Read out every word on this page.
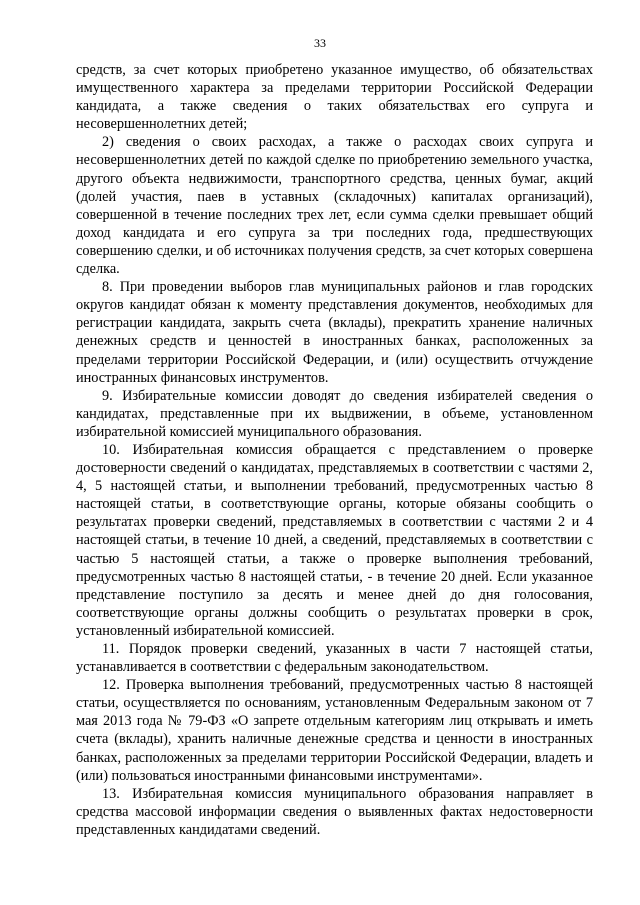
33

средств, за счет которых приобретено указанное имущество, об обязательствах имущественного характера за пределами территории Российской Федерации кандидата, а также сведения о таких обязательствах его супруга и несовершеннолетних детей;

2) сведения о своих расходах, а также о расходах своих супруга и несовершеннолетних детей по каждой сделке по приобретению земельного участка, другого объекта недвижимости, транспортного средства, ценных бумаг, акций (долей участия, паев в уставных (складочных) капиталах организаций), совершенной в течение последних трех лет, если сумма сделки превышает общий доход кандидата и его супруга за три последних года, предшествующих совершению сделки, и об источниках получения средств, за счет которых совершена сделка.

8. При проведении выборов глав муниципальных районов и глав городских округов кандидат обязан к моменту представления документов, необходимых для регистрации кандидата, закрыть счета (вклады), прекратить хранение наличных денежных средств и ценностей в иностранных банках, расположенных за пределами территории Российской Федерации, и (или) осуществить отчуждение иностранных финансовых инструментов.

9. Избирательные комиссии доводят до сведения избирателей сведения о кандидатах, представленные при их выдвижении, в объеме, установленном избирательной комиссией муниципального образования.

10. Избирательная комиссия обращается с представлением о проверке достоверности сведений о кандидатах, представляемых в соответствии с частями 2, 4, 5 настоящей статьи, и выполнении требований, предусмотренных частью 8 настоящей статьи, в соответствующие органы, которые обязаны сообщить о результатах проверки сведений, представляемых в соответствии с частями 2 и 4 настоящей статьи, в течение 10 дней, а сведений, представляемых в соответствии с частью 5 настоящей статьи, а также о проверке выполнения требований, предусмотренных частью 8 настоящей статьи, - в течение 20 дней. Если указанное представление поступило за десять и менее дней до дня голосования, соответствующие органы должны сообщить о результатах проверки в срок, установленный избирательной комиссией.

11. Порядок проверки сведений, указанных в части 7 настоящей статьи, устанавливается в соответствии с федеральным законодательством.

12. Проверка выполнения требований, предусмотренных частью 8 настоящей статьи, осуществляется по основаниям, установленным Федеральным законом от 7 мая 2013 года № 79-ФЗ «О запрете отдельным категориям лиц открывать и иметь счета (вклады), хранить наличные денежные средства и ценности в иностранных банках, расположенных за пределами территории Российской Федерации, владеть и (или) пользоваться иностранными финансовыми инструментами».

13. Избирательная комиссия муниципального образования направляет в средства массовой информации сведения о выявленных фактах недостоверности представленных кандидатами сведений.
